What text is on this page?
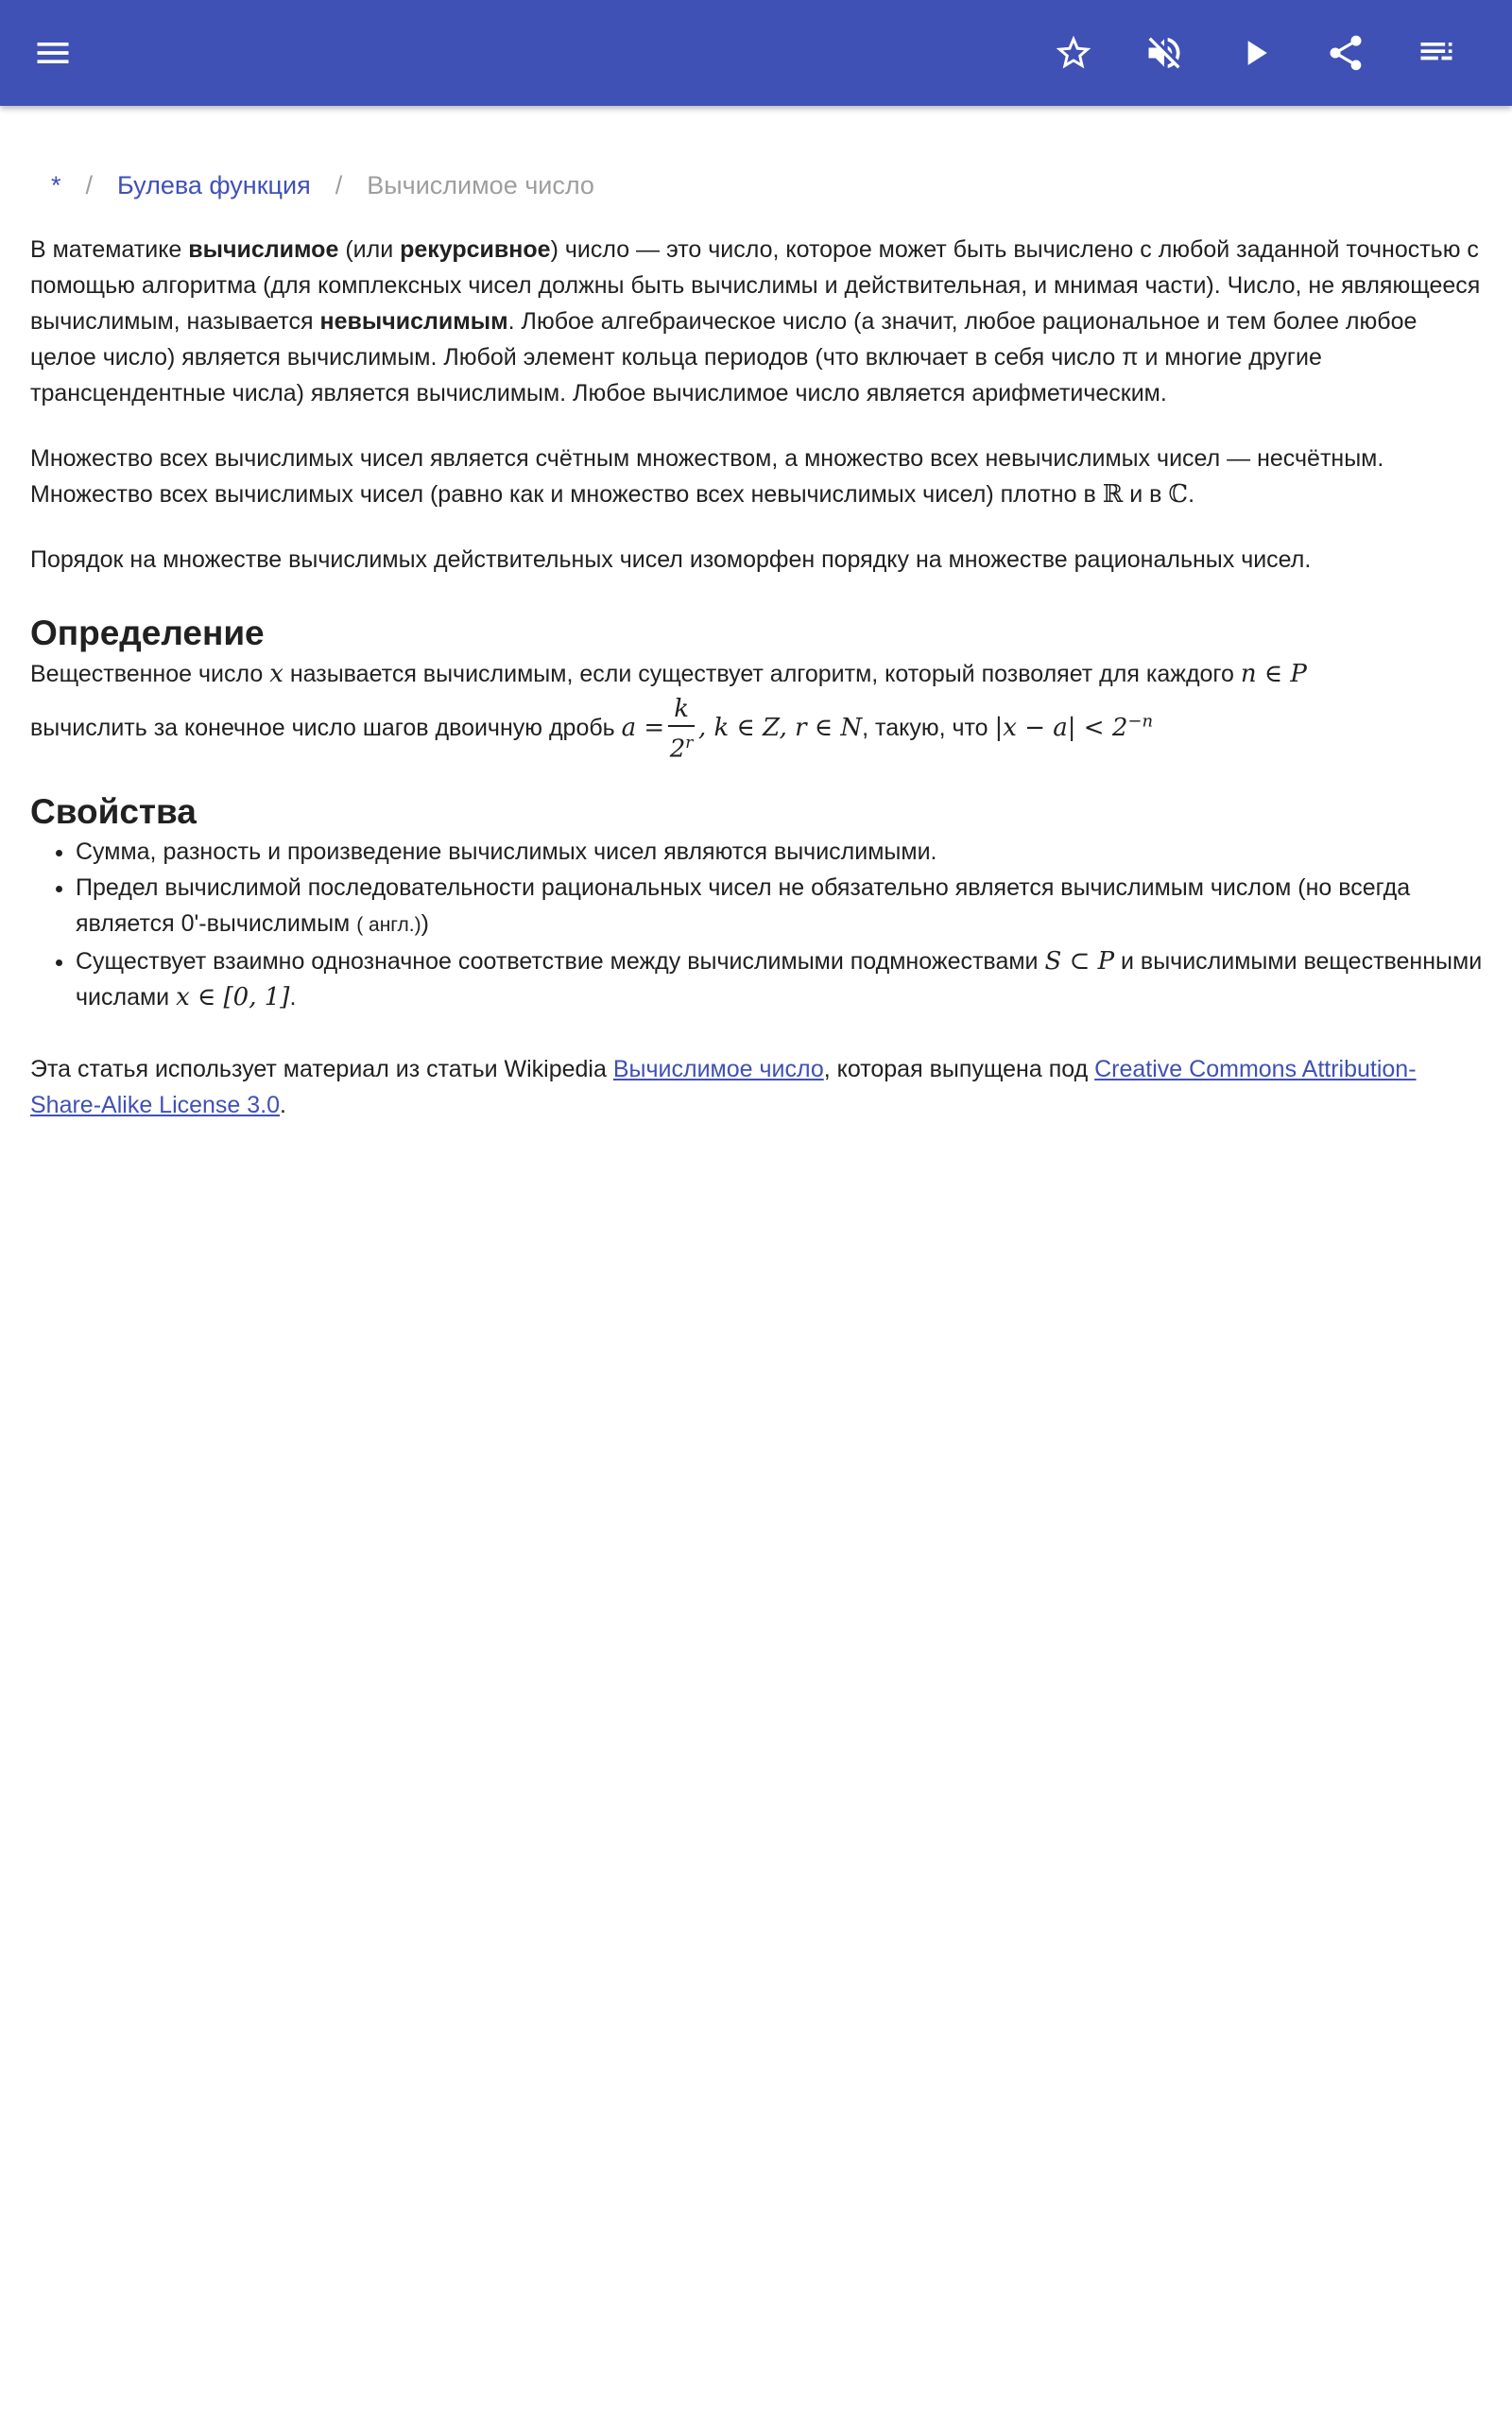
* / Булева функция / Вычислимое число

В математике вычислимое (или рекурсивное) число — это число, которое может быть вычислено с любой заданной точностью с помощью алгоритма (для комплексных чисел должны быть вычислимы и действительная, и мнимая части). Число, не являющееся вычислимым, называется невычислимым. Любое алгебраическое число (а значит, любое рациональное и тем более любое целое число) является вычислимым. Любой элемент кольца периодов (что включает в себя число π и многие другие трансцендентные числа) является вычислимым. Любое вычислимое число является арифметическим.

Множество всех вычислимых чисел является счётным множеством, а множество всех невычислимых чисел — несчётным. Множество всех вычислимых чисел (равно как и множество всех невычислимых чисел) плотно в ℝ и в ℂ.

Порядок на множестве вычислимых действительных чисел изоморфен порядку на множестве рациональных чисел.

Определение

Вещественное число x называется вычислимым, если существует алгоритм, который позволяет для каждого n ∈ P
вычислить за конечное число шагов двоичную дробь $a = \frac{k}{2^r}$ , k ∈ Z, r ∈ N, такую, что $|x - a| < 2^{-n}$

Свойства
• Сумма, разность и произведение вычислимых чисел являются вычислимыми.
• Предел вычислимой последовательности рациональных чисел не обязательно является вычислимым числом (но всегда является 0'-вычислимым ( англ.))
• Существует взаимно однозначное соответствие между вычислимыми подмножествами S ⊂ P и вычислимыми вещественными числами x ∈ [0, 1].

Эта статья использует материал из статьи Wikipedia Вычислимое число, которая выпущена под Creative Commons Attribution-Share-Alike License 3.0.
